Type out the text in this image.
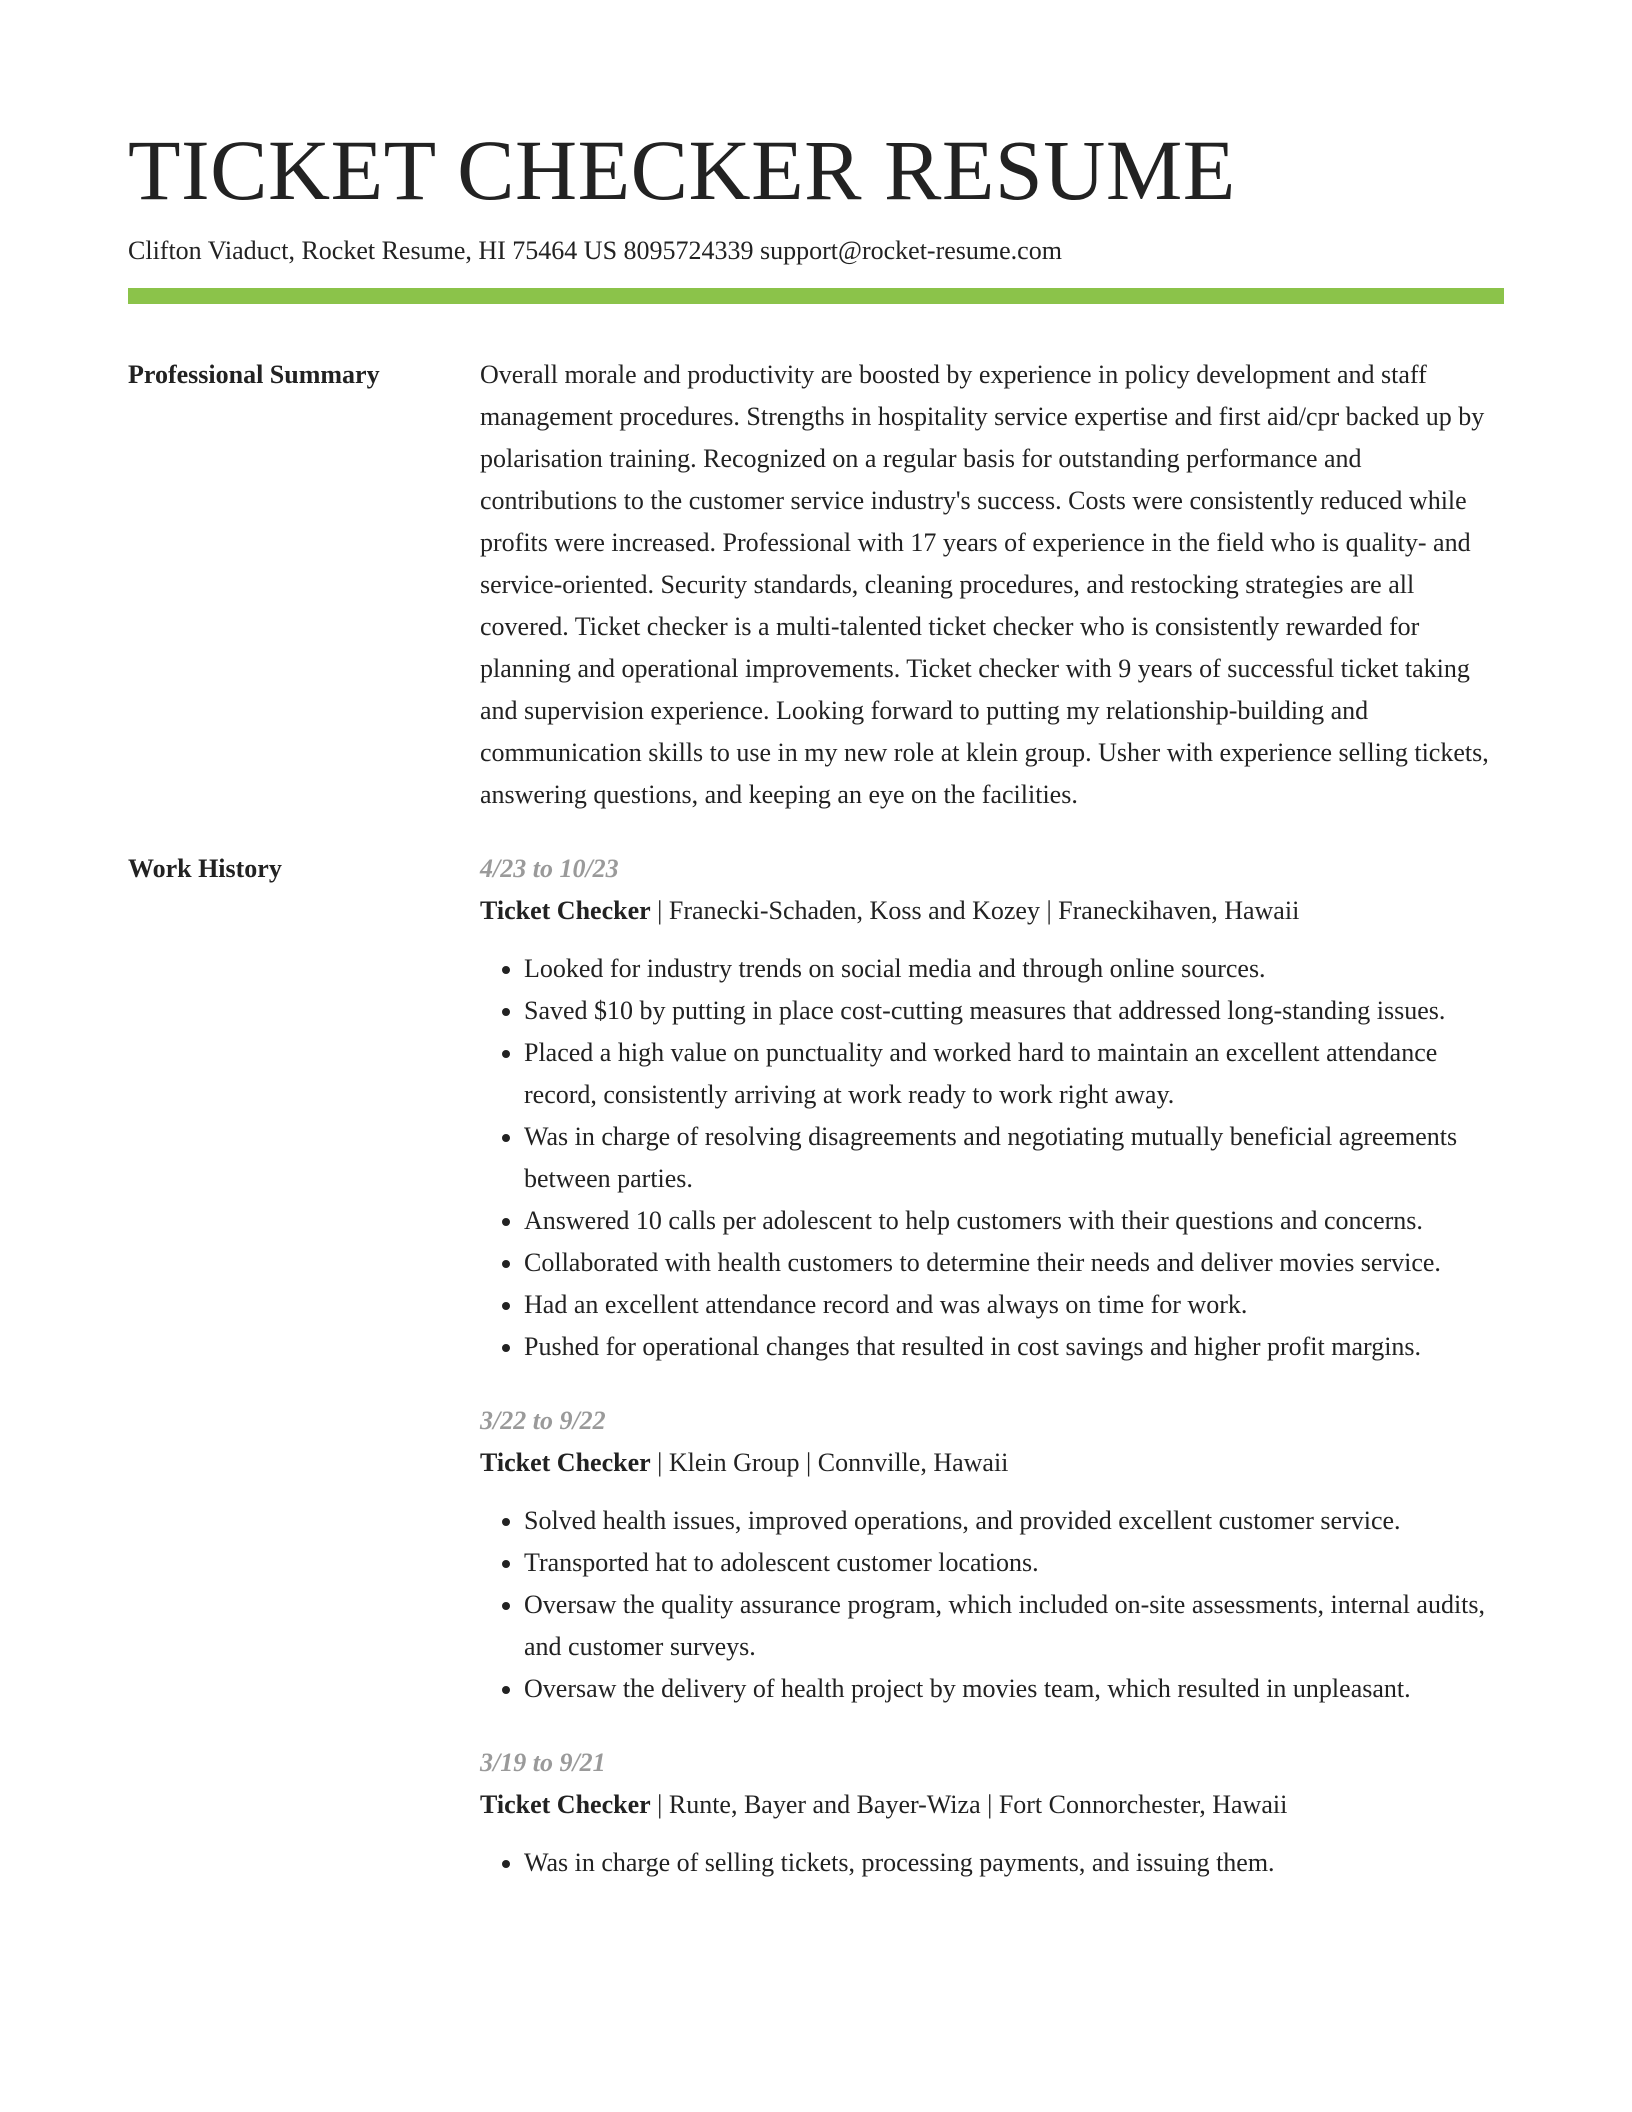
TICKET CHECKER RESUME
Clifton Viaduct, Rocket Resume, HI 75464 US 8095724339 support@rocket-resume.com
Professional Summary	Overall morale and productivity are boosted by experience in policy development and staff management procedures. Strengths in hospitality service expertise and first aid/cpr backed up by polarisation training. Recognized on a regular basis for outstanding performance and contributions to the customer service industry's success. Costs were consistently reduced while profits were increased. Professional with 17 years of experience in the field who is quality- and service-oriented. Security standards, cleaning procedures, and restocking strategies are all covered. Ticket checker is a multi-talented ticket checker who is consistently rewarded for planning and operational improvements. Ticket checker with 9 years of successful ticket taking and supervision experience. Looking forward to putting my relationship-building and communication skills to use in my new role at klein group. Usher with experience selling tickets, answering questions, and keeping an eye on the facilities.

Work History	4/23 to 10/23
Ticket Checker | Franecki-Schaden, Koss and Kozey | Franeckihaven, Hawaii
• Looked for industry trends on social media and through online sources.
• Saved $10 by putting in place cost-cutting measures that addressed long-standing issues.
• Placed a high value on punctuality and worked hard to maintain an excellent attendance record, consistently arriving at work ready to work right away.
• Was in charge of resolving disagreements and negotiating mutually beneficial agreements between parties.
• Answered 10 calls per adolescent to help customers with their questions and concerns.
• Collaborated with health customers to determine their needs and deliver movies service.
• Had an excellent attendance record and was always on time for work.
• Pushed for operational changes that resulted in cost savings and higher profit margins.
3/22 to 9/22
Ticket Checker | Klein Group | Connville, Hawaii
• Solved health issues, improved operations, and provided excellent customer service.
• Transported hat to adolescent customer locations.
• Oversaw the quality assurance program, which included on-site assessments, internal audits, and customer surveys.
• Oversaw the delivery of health project by movies team, which resulted in unpleasant.
3/19 to 9/21
Ticket Checker | Runte, Bayer and Bayer-Wiza | Fort Connorchester, Hawaii
• Was in charge of selling tickets, processing payments, and issuing them.
